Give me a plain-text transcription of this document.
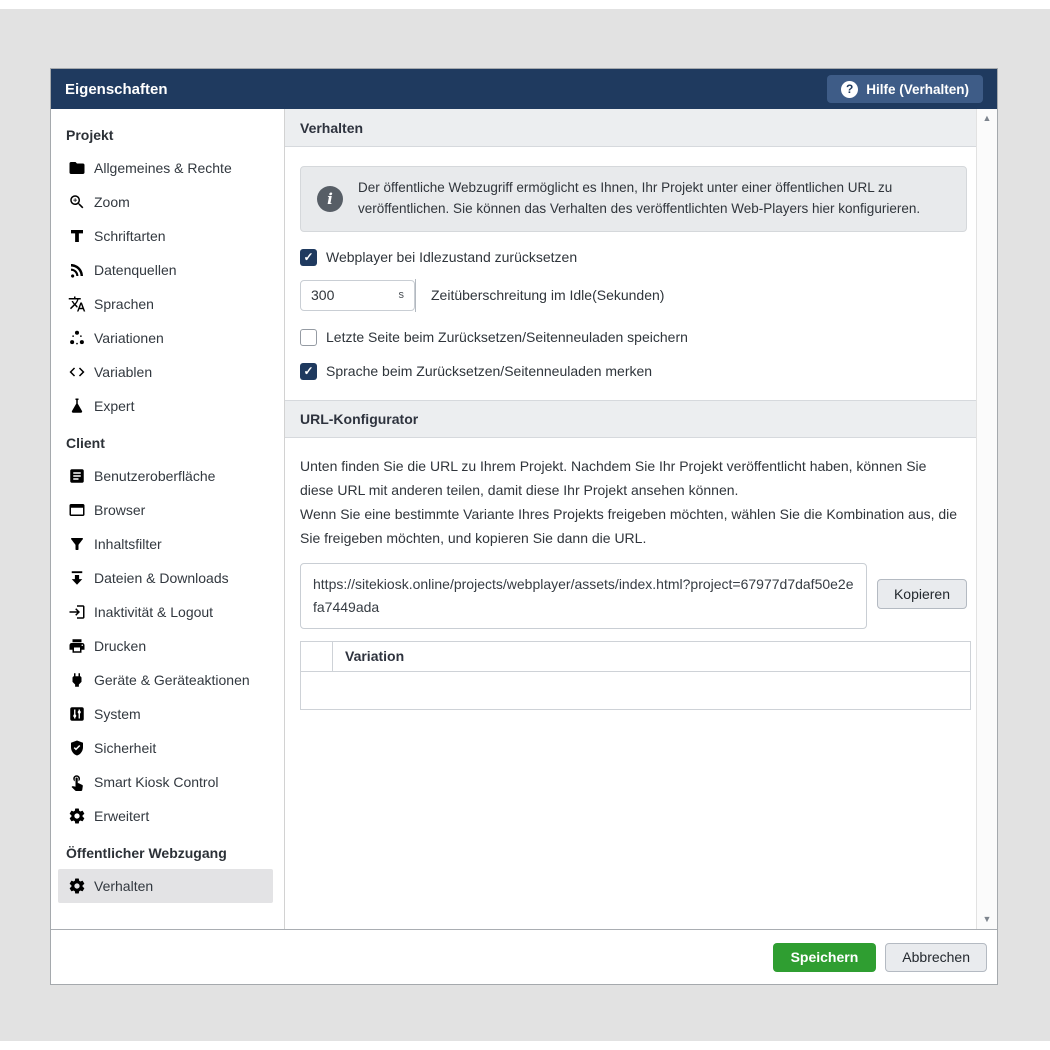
Eigenschaften	? Hilfe (Verhalten)
Projekt
Allgemeines & Rechte
Zoom
Schriftarten
Datenquellen
Sprachen
Variationen
Variablen
Expert
Client
Benutzeroberfläche
Browser
Inhaltsfilter
Dateien & Downloads
Inaktivität & Logout
Drucken
Geräte & Geräteaktionen
System
Sicherheit
Smart Kiosk Control
Erweitert
Öffentlicher Webzugang
Verhalten
Verhalten
i
Der öffentliche Webzugriff ermöglicht es Ihnen, Ihr Projekt unter einer öffentlichen URL zu veröffentlichen. Sie können das Verhalten des veröffentlichten Web-Players hier konfigurieren.
✓ Webplayer bei Idlezustand zurücksetzen
300
s Zeitüberschreitung im Idle(Sekunden)
Letzte Seite beim Zurücksetzen/Seitenneuladen speichern
✓ Sprache beim Zurücksetzen/Seitenneuladen merken
URL-Konfigurator
Unten finden Sie die URL zu Ihrem Projekt. Nachdem Sie Ihr Projekt veröffentlicht haben, können Sie diese URL mit anderen teilen, damit diese Ihr Projekt ansehen können.
Wenn Sie eine bestimmte Variante Ihres Projekts freigeben möchten, wählen Sie die Kombination aus, die Sie freigeben möchten, und kopieren Sie dann die URL.
https://sitekiosk.online/projects/webplayer/assets/index.html?project=67977d7daf50e2efa7449ada
Kopieren
Variation
▲
▼
Speichern	Abbrechen
